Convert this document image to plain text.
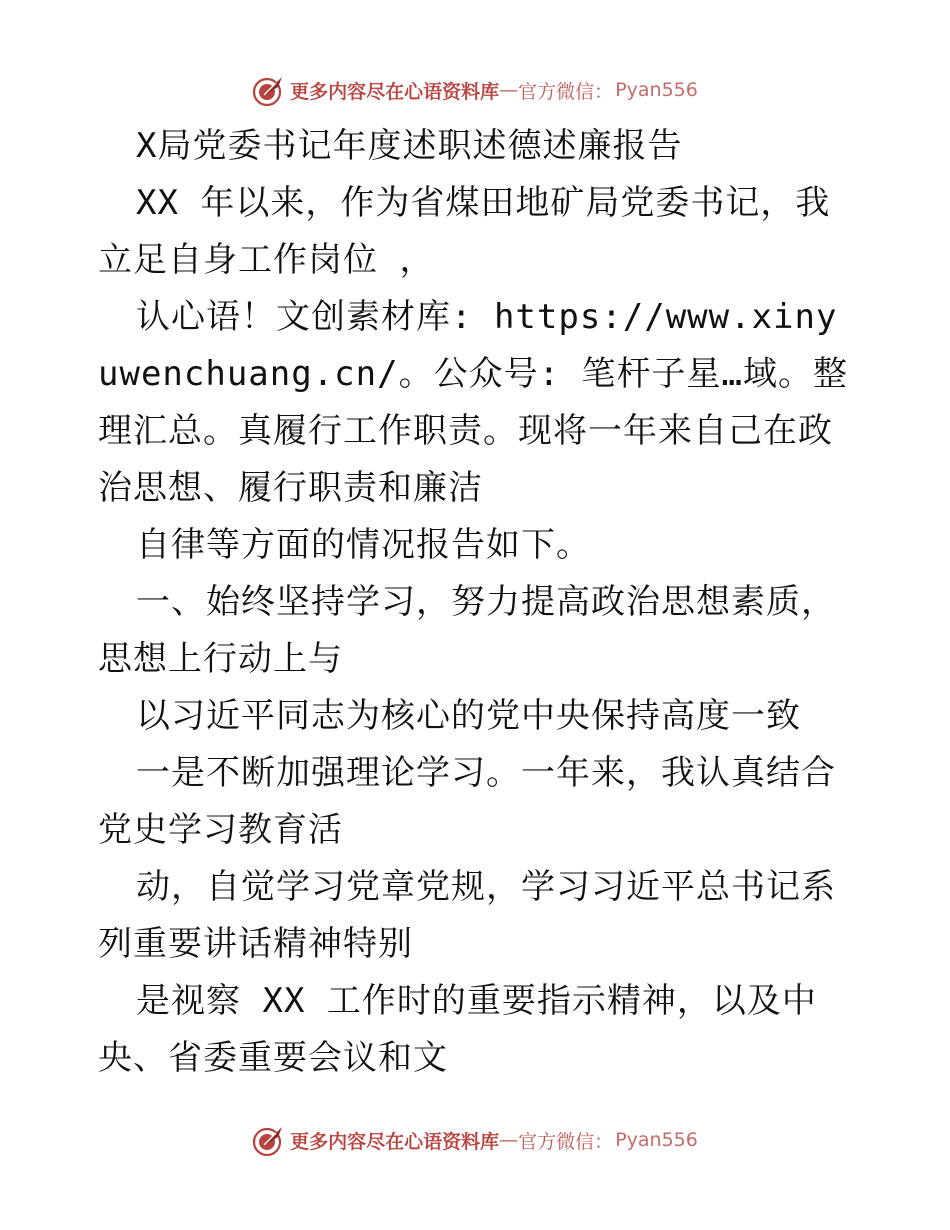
更多内容尽在心语资料库 — 官方微信： Pyan556

X局党委书记年度述职述德述廉报告

XX 年以来，作为省煤田地矿局党委书记，我立足自身工作岗位 ，

认心语！文创素材库: https://www.xinyuwenchuang.cn/。公众号: 笔杆子星…域。整理汇总。真履行工作职责。现将一年来自己在政治思想、履行职责和廉洁

自律等方面的情况报告如下。

一、始终坚持学习，努力提高政治思想素质，思想上行动上与

以习近平同志为核心的党中央保持高度一致

一是不断加强理论学习。一年来，我认真结合党史学习教育活

动，自觉学习党章党规，学习习近平总书记系列重要讲话精神特别

是视察 XX 工作时的重要指示精神，以及中央、省委重要会议和文

更多内容尽在心语资料库 — 官方微信： Pyan556
